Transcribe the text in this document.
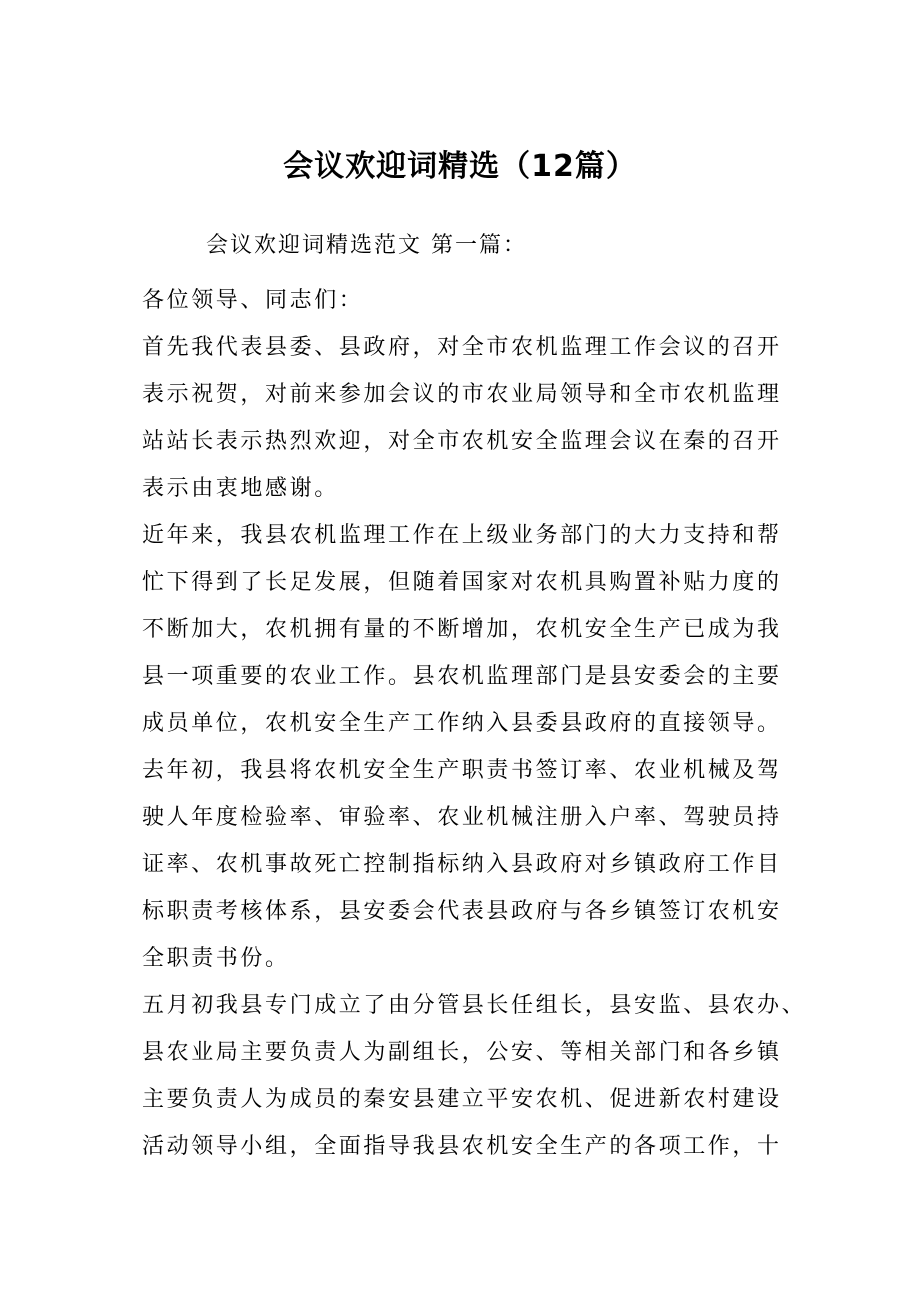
会议欢迎词精选（12篇）

会议欢迎词精选范文 第一篇：

各位领导、同志们：
首先我代表县委、县政府，对全市农机监理工作会议的召开
表示祝贺，对前来参加会议的市农业局领导和全市农机监理
站站长表示热烈欢迎，对全市农机安全监理会议在秦的召开
表示由衷地感谢。
近年来，我县农机监理工作在上级业务部门的大力支持和帮
忙下得到了长足发展，但随着国家对农机具购置补贴力度的
不断加大，农机拥有量的不断增加，农机安全生产已成为我
县一项重要的农业工作。县农机监理部门是县安委会的主要
成员单位，农机安全生产工作纳入县委县政府的直接领导。
去年初，我县将农机安全生产职责书签订率、农业机械及驾
驶人年度检验率、审验率、农业机械注册入户率、驾驶员持
证率、农机事故死亡控制指标纳入县政府对乡镇政府工作目
标职责考核体系，县安委会代表县政府与各乡镇签订农机安
全职责书份。
五月初我县专门成立了由分管县长任组长，县安监、县农办、
县农业局主要负责人为副组长，公安、等相关部门和各乡镇
主要负责人为成员的秦安县建立平安农机、促进新农村建设
活动领导小组，全面指导我县农机安全生产的各项工作，十
